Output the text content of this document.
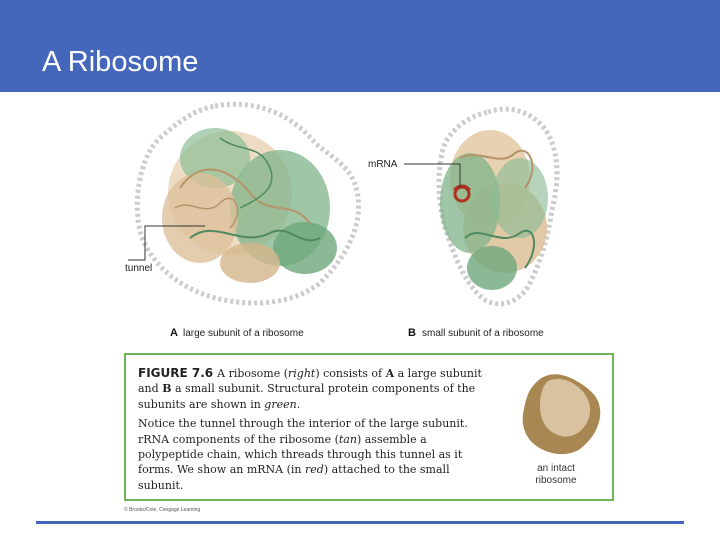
A Ribosome
mRNA
tunnel
A large subunit of a ribosome	B small subunit of a ribosome

FIGURE 7.6 A ribosome (right) consists of A a large subunit and B a small subunit. Structural protein components of the subunits are shown in green.

Notice the tunnel through the interior of the large subunit. rRNA components of the ribosome (tan) assemble a polypeptide chain, which threads through this tunnel as it forms. We show an mRNA (in red) attached to the small subunit.

an intact ribosome
© Brooks/Cole, Cengage Learning
